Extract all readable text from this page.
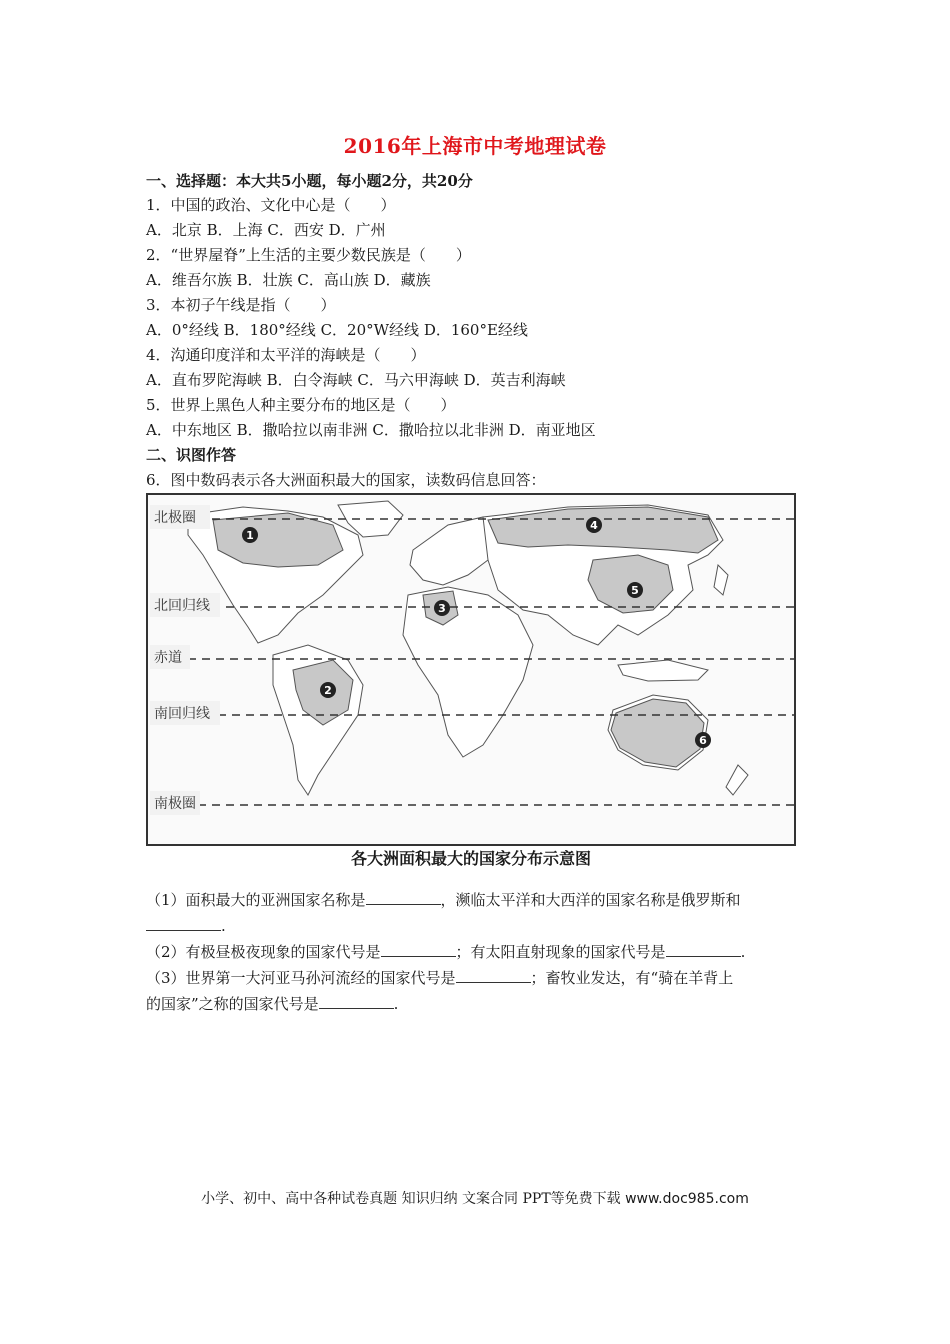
2016年上海市中考地理试卷
一、选择题：本大共5小题，每小题2分，共20分
1．中国的政治、文化中心是（　　）
A．北京 B．上海 C．西安 D．广州
2．“世界屋脊”上生活的主要少数民族是（　　）
A．维吾尔族 B．壮族 C．高山族 D．藏族
3．本初子午线是指（　　）
A．0°经线 B．180°经线 C．20°W经线 D．160°E经线
4．沟通印度洋和太平洋的海峡是（　　）
A．直布罗陀海峡 B．白令海峡 C．马六甲海峡 D．英吉利海峡
5．世界上黑色人种主要分布的地区是（　　）
A．中东地区 B．撒哈拉以南非洲 C．撒哈拉以北非洲 D．南亚地区
二、识图作答
6．图中数码表示各大洲面积最大的国家，读数码信息回答：
北极圈
北回归线
赤道
南回归线
南极圈
1
2
3
4
5
6
各大洲面积最大的国家分布示意图
（1）面积最大的亚洲国家名称是	，濒临太平洋和大西洋的国家名称是俄罗斯和
.
（2）有极昼极夜现象的国家代号是	；有太阳直射现象的国家代号是	.
（3）世界第一大河亚马孙河流经的国家代号是	；畜牧业发达，有“骑在羊背上
的国家”之称的国家代号是	.
小学、初中、高中各种试卷真题 知识归纳 文案合同 PPT等免费下载 www.doc985.com
